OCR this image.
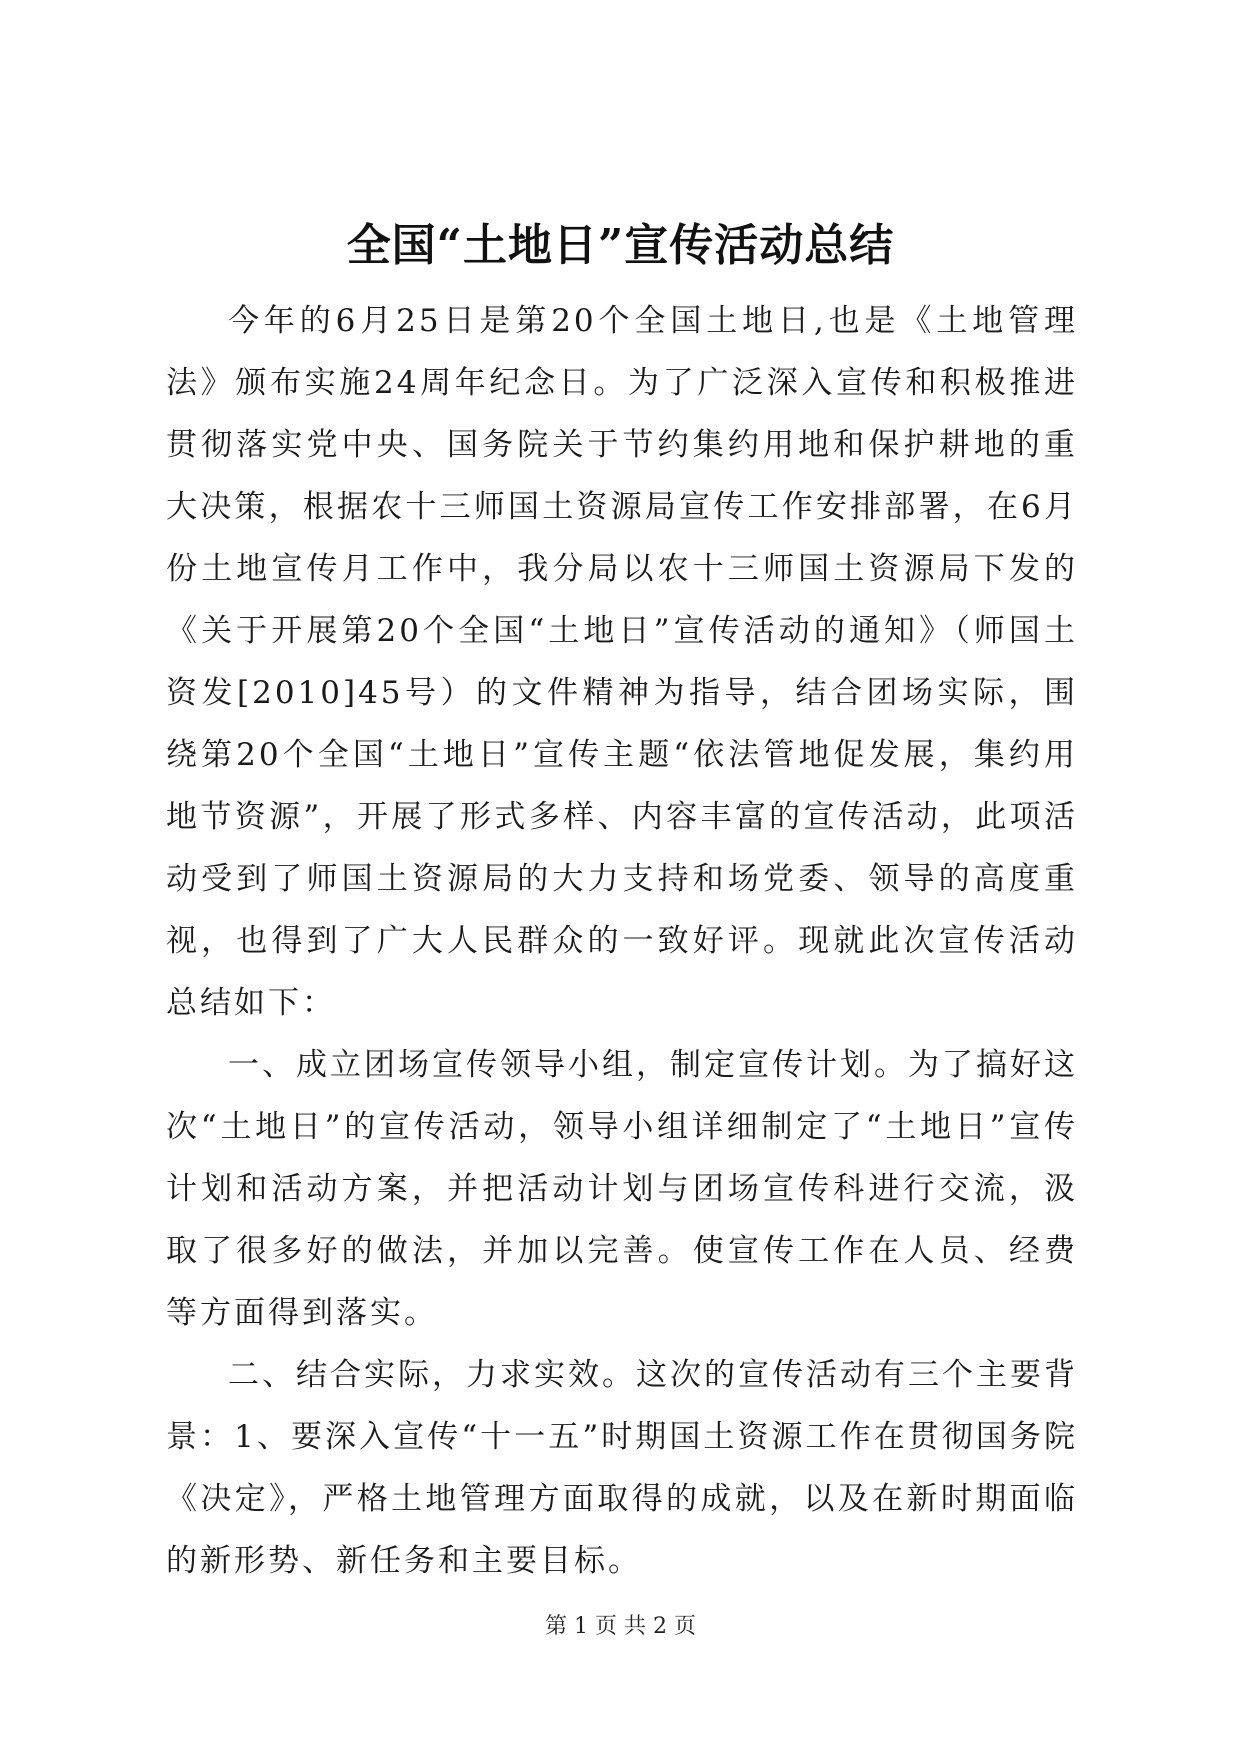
全国“土地日”宣传活动总结

今年的6月25日是第20个全国土地日,也是《土地管理法》颁布实施24周年纪念日。为了广泛深入宣传和积极推进贯彻落实党中央、国务院关于节约集约用地和保护耕地的重大决策，根据农十三师国土资源局宣传工作安排部署，在6月份土地宣传月工作中，我分局以农十三师国土资源局下发的《关于开展第20个全国“土地日”宣传活动的通知》（师国土资发[2010]45号）的文件精神为指导，结合团场实际，围绕第20个全国“土地日”宣传主题“依法管地促发展，集约用地节资源”，开展了形式多样、内容丰富的宣传活动，此项活动受到了师国土资源局的大力支持和场党委、领导的高度重视，也得到了广大人民群众的一致好评。现就此次宣传活动总结如下：

一、成立团场宣传领导小组，制定宣传计划。为了搞好这次“土地日”的宣传活动，领导小组详细制定了“土地日”宣传计划和活动方案，并把活动计划与团场宣传科进行交流，汲取了很多好的做法，并加以完善。使宣传工作在人员、经费等方面得到落实。

二、结合实际，力求实效。这次的宣传活动有三个主要背景：1、要深入宣传“十一五”时期国土资源工作在贯彻国务院《决定》，严格土地管理方面取得的成就，以及在新时期面临的新形势、新任务和主要目标。

第 1 页 共 2 页
